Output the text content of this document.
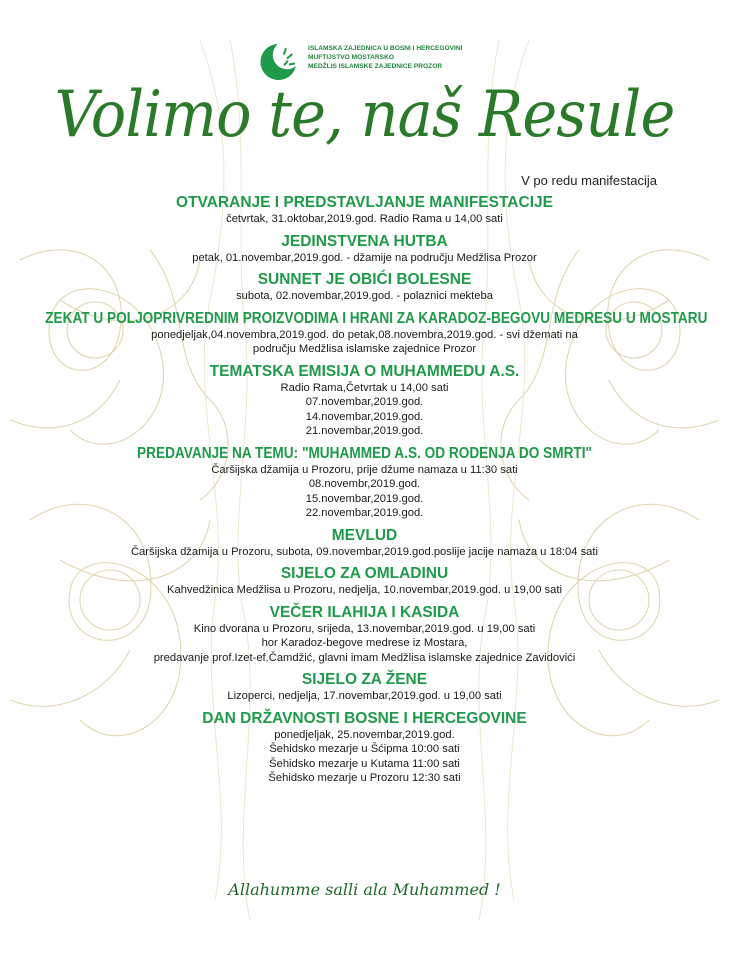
ISLAMSKA ZAJEDNICA U BOSNI I HERCEGOVINI
MUFTIJSTVO MOSTARSKO
MEDŽLIS ISLAMSKE ZAJEDNICE PROZOR
Volimo te, naš Resule
V po redu manifestacija
OTVARANJE I PREDSTAVLJANJE MANIFESTACIJE
četvrtak, 31.oktobar,2019.god. Radio Rama u 14,00 sati
JEDINSTVENA HUTBA
petak, 01.novembar,2019.god. - džamije na području Medžlisa Prozor
SUNNET JE OBIĆI BOLESNE
subota, 02.novembar,2019.god. - polaznici mekteba
ZEKAT U POLJOPRIVREDNIM PROIZVODIMA I HRANI ZA KARADOZ-BEGOVU MEDRESU U MOSTARU
ponedjeljak,04.novembra,2019.god. do petak,08.novembra,2019.god. - svi džemati na
području Medžlisa islamske zajednice Prozor
TEMATSKA EMISIJA O MUHAMMEDU A.S.
Radio Rama,Četvrtak u 14,00 sati
07.novembar,2019.god.
14.novembar,2019.god.
21.novembar,2019.god.
PREDAVANJE NA TEMU: "MUHAMMED A.S. OD RODENJA DO SMRTI"
Čaršijska džamija u Prozoru, prije džume namaza u 11:30 sati
08.novembr,2019.god.
15.novembar,2019.god.
22.novembar,2019.god.
MEVLUD
Čaršijska džamija u Prozoru, subota, 09.novembar,2019.god.poslije jacije namaza u 18:04 sati
SIJELO ZA OMLADINU
Kahvedžinica Medžlisa u Prozoru, nedjelja, 10.novembar,2019.god. u 19,00 sati
VEČER ILAHIJA I KASIDA
Kino dvorana u Prozoru, srijeda, 13.novembar,2019.god. u 19,00 sati
hor Karadoz-begove medrese iz Mostara,
predavanje prof.Izet-ef.Čamdžić, glavni imam Medžlisa islamske zajednice Zavidovići
SIJELO ZA ŽENE
Lizoperci, nedjelja, 17.novembar,2019.god. u 19,00 sati
DAN DRŽAVNOSTI BOSNE I HERCEGOVINE
ponedjeljak, 25.novembar,2019.god.
Šehidsko mezarje u Šćipma 10:00 sati
Šehidsko mezarje u Kutama 11:00 sati
Šehidsko mezarje u Prozoru 12:30 sati
Allahumme salli ala Muhammed !
